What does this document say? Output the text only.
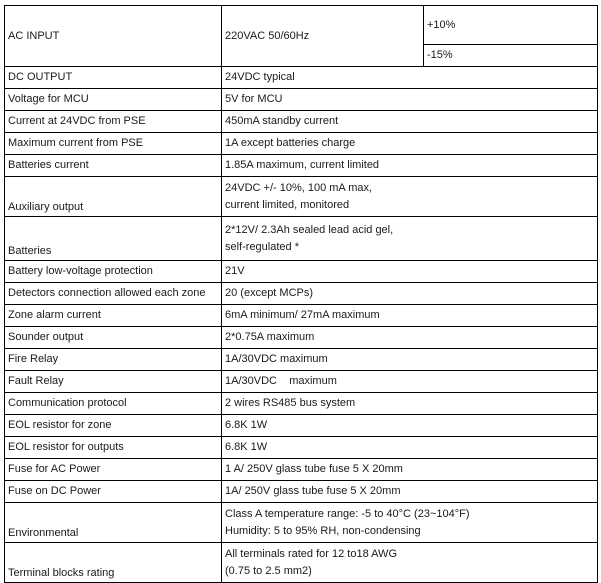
AC INPUT	220VAC 50/60Hz	+10%
		-15%
DC OUTPUT	24VDC typical	

Voltage for MCU	5V for MCU	

Current at 24VDC from PSE	450mA standby current	

Maximum current from PSE	1A except batteries charge	

Batteries current	1.85A maximum, current limited	

Auxiliary output	24VDC +/- 10%, 100 mA max,
current limited, monitored	

Batteries	2*12V/ 2.3Ah sealed lead acid gel,
self-regulated *	

Battery low-voltage protection	21V	

Detectors connection allowed each zone	20 (except MCPs)	

Zone alarm current	6mA minimum/ 27mA maximum	

Sounder output	2*0.75A maximum	

Fire Relay	1A/30VDC maximum	

Fault Relay	1A/30VDC    maximum	

Communication protocol	2 wires RS485 bus system	

EOL resistor for zone	6.8K 1W	

EOL resistor for outputs	6.8K 1W	

Fuse for AC Power	1 A/ 250V glass tube fuse 5 X 20mm	

Fuse on DC Power	1A/ 250V glass tube fuse 5 X 20mm	

Environmental	Class A temperature range: -5 to 40°C (23~104°F)
Humidity: 5 to 95% RH, non-condensing	

Terminal blocks rating	All terminals rated for 12 to18 AWG
(0.75 to 2.5 mm2)	
